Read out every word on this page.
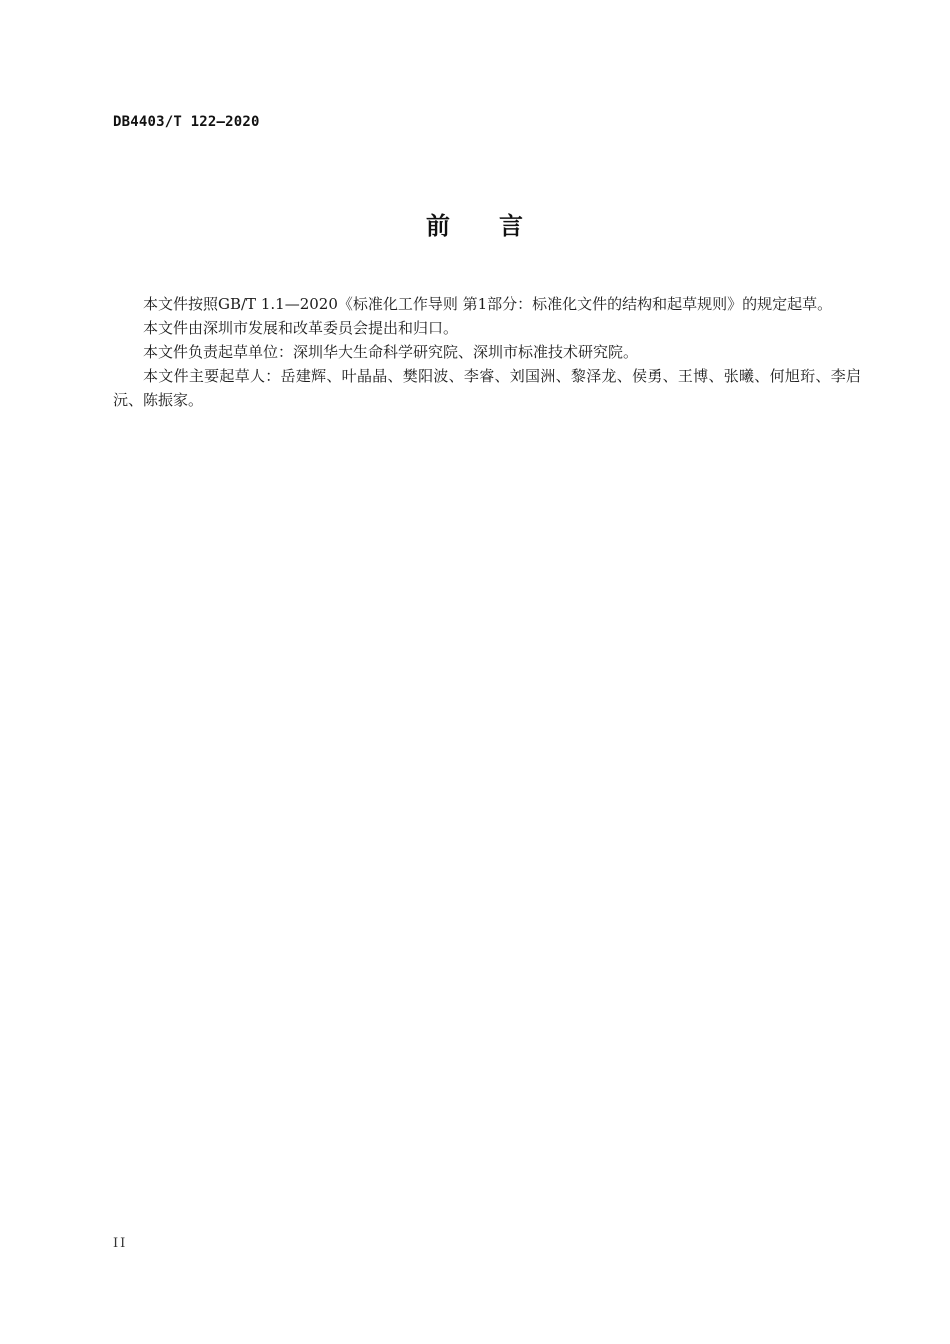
DB4403/T 122—2020
前 言

本文件按照GB/T 1.1—2020《标准化工作导则 第1部分：标准化文件的结构和起草规则》的规定起草。

本文件由深圳市发展和改革委员会提出和归口。

本文件负责起草单位：深圳华大生命科学研究院、深圳市标准技术研究院。

本文件主要起草人：岳建辉、叶晶晶、樊阳波、李睿、刘国洲、黎泽龙、侯勇、王博、张曦、何旭珩、李启沅、陈振家。

II
